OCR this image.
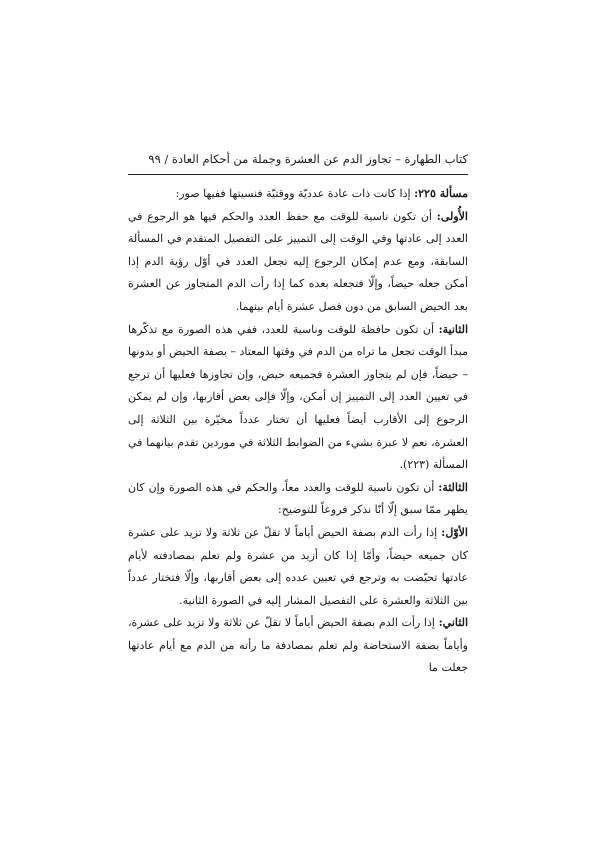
كتاب الطهارة – تجاوز الدم عن العشرة وجملة من أحكام العادة / ٩٩

مسألة ٢٢٥: إذا كانت ذات عادة عدديّة ووقتيّة فنسيتها ففيها صور:

الأُولى: أن تكون ناسية للوقت مع حفظ العدد والحكم فيها هو الرجوع في العدد إلى عادتها وفي الوقت إلى التمييز على التفصيل المتقدم في المسألة السابقة، ومع عدم إمكان الرجوع إليه تجعل العدد في أوّل رؤية الدم إذا أمكن جعله حيضاً، وإلّا فتجعله بعده كما إذا رأت الدم المتجاوز عن العشرة بعد الحيض السابق من دون فصل عشرة أيام بينهما.

الثانية: أن تكون حافظة للوقت وناسية للعدد، ففي هذه الصورة مع تذكّرها مبدأ الوقت تجعل ما تراه من الدم في وقتها المعتاد – بصفة الحيض أو بدونها – حيضاً، فإن لم يتجاوز العشرة فجميعه حيض، وإن تجاوزها فعليها أن ترجع في تعيين العدد إلى التمييز إن أمكن، وإلّا فإلى بعض أقاربها، وإن لم يمكن الرجوع إلى الأقارب أيضاً فعليها أن تختار عدداً مخيّرة بين الثلاثة إلى العشرة، نعم لا عبرة بشيء من الضوابط الثلاثة في موردين تقدم بيانهما في المسألة (٢٢٣).

الثالثة: أن تكون ناسية للوقت والعدد معاً، والحكم في هذه الصورة وإن كان يظهر ممّا سبق إلّا أنّا نذكر فروعاً للتوضيح:

الأوّل: إذا رأت الدم بصفة الحيض أياماً لا تقلّ عن ثلاثة ولا تزيد على عشرة كان جميعه حيضاً، وأمّا إذا كان أزيد من عشرة ولم تعلم بمصادفته لأيام عادتها تحيّضت به وترجع في تعيين عدده إلى بعض أقاربها، وإلّا فتختار عدداً بين الثلاثة والعشرة على التفصيل المشار إليه في الصورة الثانية.

الثاني: إذا رأت الدم بصفة الحيض أياماً لا تقلّ عن ثلاثة ولا تزيد على عشرة، وأياماً بصفة الاستحاضة ولم تعلم بمصادفة ما رأته من الدم مع أيام عادتها جعلت ما
